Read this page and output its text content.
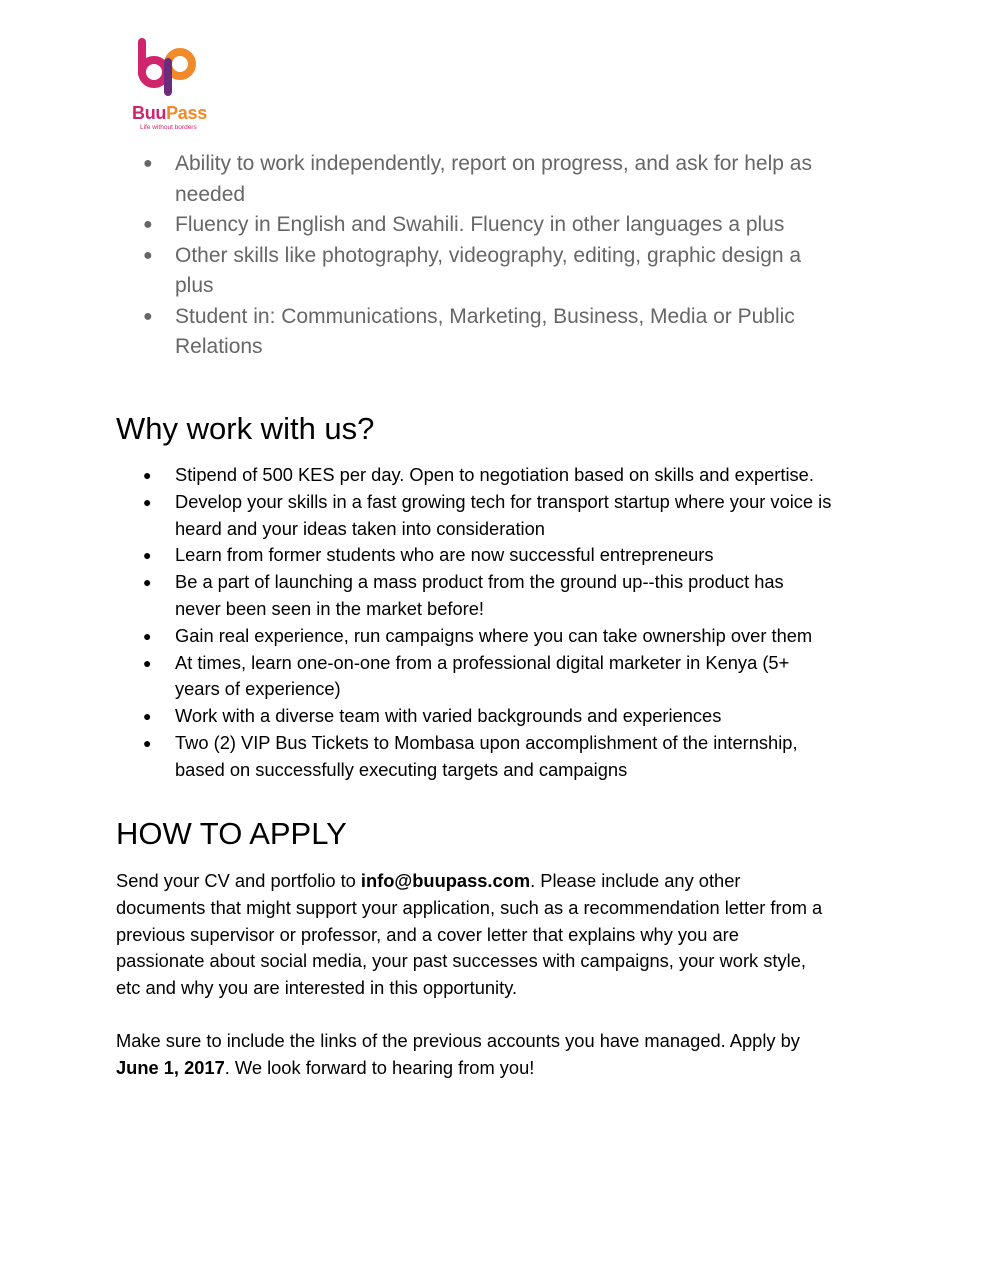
BuuPass
Life without borders
● Ability to work independently, report on progress, and ask for help as
needed
● Fluency in English and Swahili. Fluency in other languages a plus
● Other skills like photography, videography, editing, graphic design a
plus
● Student in: Communications, Marketing, Business, Media or Public
Relations
Why work with us?
● Stipend of 500 KES per day. Open to negotiation based on skills and expertise.
● Develop your skills in a fast growing tech for transport startup where your voice is
heard and your ideas taken into consideration
● Learn from former students who are now successful entrepreneurs
● Be a part of launching a mass product from the ground up--this product has
never been seen in the market before!
● Gain real experience, run campaigns where you can take ownership over them
● At times, learn one-on-one from a professional digital marketer in Kenya (5+
years of experience)
● Work with a diverse team with varied backgrounds and experiences
● Two (2) VIP Bus Tickets to Mombasa upon accomplishment of the internship,
based on successfully executing targets and campaigns
HOW TO APPLY

Send your CV and portfolio to info@buupass.com. Please include any other
documents that might support your application, such as a recommendation letter from a
previous supervisor or professor, and a cover letter that explains why you are
passionate about social media, your past successes with campaigns, your work style,
etc and why you are interested in this opportunity.

Make sure to include the links of the previous accounts you have managed. Apply by
June 1, 2017. We look forward to hearing from you!
